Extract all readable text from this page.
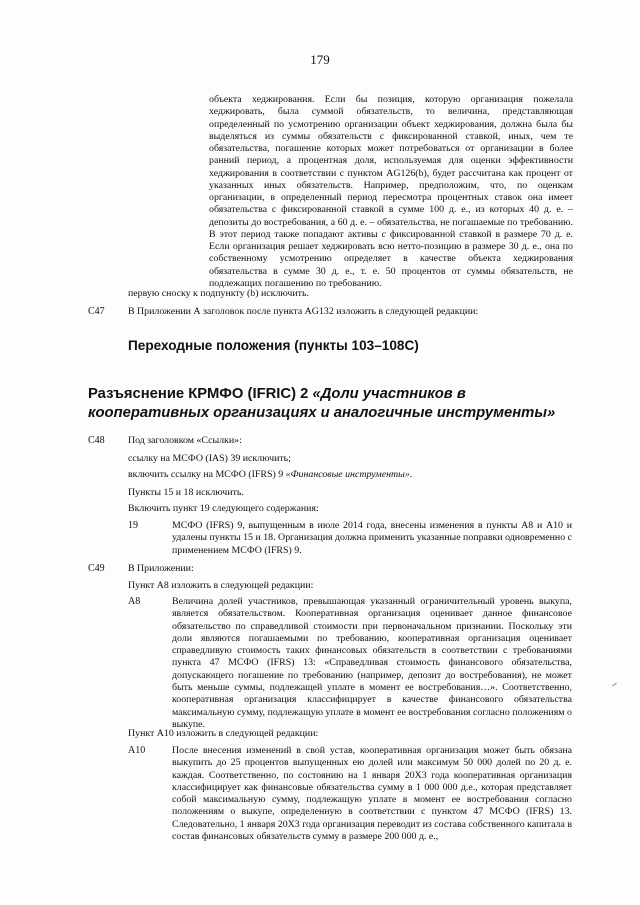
179
объекта хеджирования. Если бы позиция, которую организация пожелала хеджировать, была суммой обязательств, то величина, представляющая определенный по усмотрению организации объект хеджирования, должна была бы выделяться из суммы обязательств с фиксированной ставкой, иных, чем те обязательства, погашение которых может потребоваться от организации в более ранний период, а процентная доля, используемая для оценки эффективности хеджирования в соответствии с пунктом AG126(b), будет рассчитана как процент от указанных иных обязательств. Например, предположим, что, по оценкам организации, в определенный период пересмотра процентных ставок она имеет обязательства с фиксированной ставкой в сумме 100 д. е., из которых 40 д. е. – депозиты до востребования, а 60 д. е. – обязательства, не погашаемые по требованию. В этот период также попадают активы с фиксированной ставкой в размере 70 д. е. Если организация решает хеджировать всю нетто-позицию в размере 30 д. е., она по собственному усмотрению определяет в качестве объекта хеджирования обязательства в сумме 30 д. е., т. е. 50 процентов от суммы обязательств, не подлежащих погашению по требованию.
первую сноску к подпункту (b) исключить.
C47 В Приложении А заголовок после пункта AG132 изложить в следующей редакции:
Переходные положения (пункты 103–108C)
Разъяснение КРМФО (IFRIC) 2 «Доли участников в кооперативных организациях и аналогичные инструменты»
C48 Под заголовком «Ссылки»:
ссылку на МСФО (IAS) 39 исключить;
включить ссылку на МСФО (IFRS) 9 «Финансовые инструменты».
Пункты 15 и 18 исключить.
Включить пункт 19 следующего содержания:
19	МСФО (IFRS) 9, выпущенным в июле 2014 года, внесены изменения в пункты A8 и A10 и удалены пункты 15 и 18. Организация должна применить указанные поправки одновременно с применением МСФО (IFRS) 9.
C49 В Приложении:
Пункт A8 изложить в следующей редакции:
A8	Величина долей участников, превышающая указанный ограничительный уровень выкупа, является обязательством. Кооперативная организация оценивает данное финансовое обязательство по справедливой стоимости при первоначальном признании. Поскольку эти доли являются погашаемыми по требованию, кооперативная организация оценивает справедливую стоимость таких финансовых обязательств в соответствии с требованиями пункта 47 МСФО (IFRS) 13: «Справедливая стоимость финансового обязательства, допускающего погашение по требованию (например, депозит до востребования), не может быть меньше суммы, подлежащей уплате в момент ее востребования…». Соответственно, кооперативная организация классифицирует в качестве финансового обязательства максимальную сумму, подлежащую уплате в момент ее востребования согласно положениям о выкупе.
Пункт A10 изложить в следующей редакции:
A10	После внесения изменений в свой устав, кооперативная организация может быть обязана выкупить до 25 процентов выпущенных ею долей или максимум 50 000 долей по 20 д. е. каждая. Соответственно, по состоянию на 1 января 20X3 года кооперативная организация классифицирует как финансовые обязательства сумму в 1 000 000 д.е., которая представляет собой максимальную сумму, подлежащую уплате в момент ее востребования согласно положениям о выкупе, определенную в соответствии с пунктом 47 МСФО (IFRS) 13. Следовательно, 1 января 20X3 года организация переводит из состава собственного капитала в состав финансовых обязательств сумму в размере 200 000 д. е.,
